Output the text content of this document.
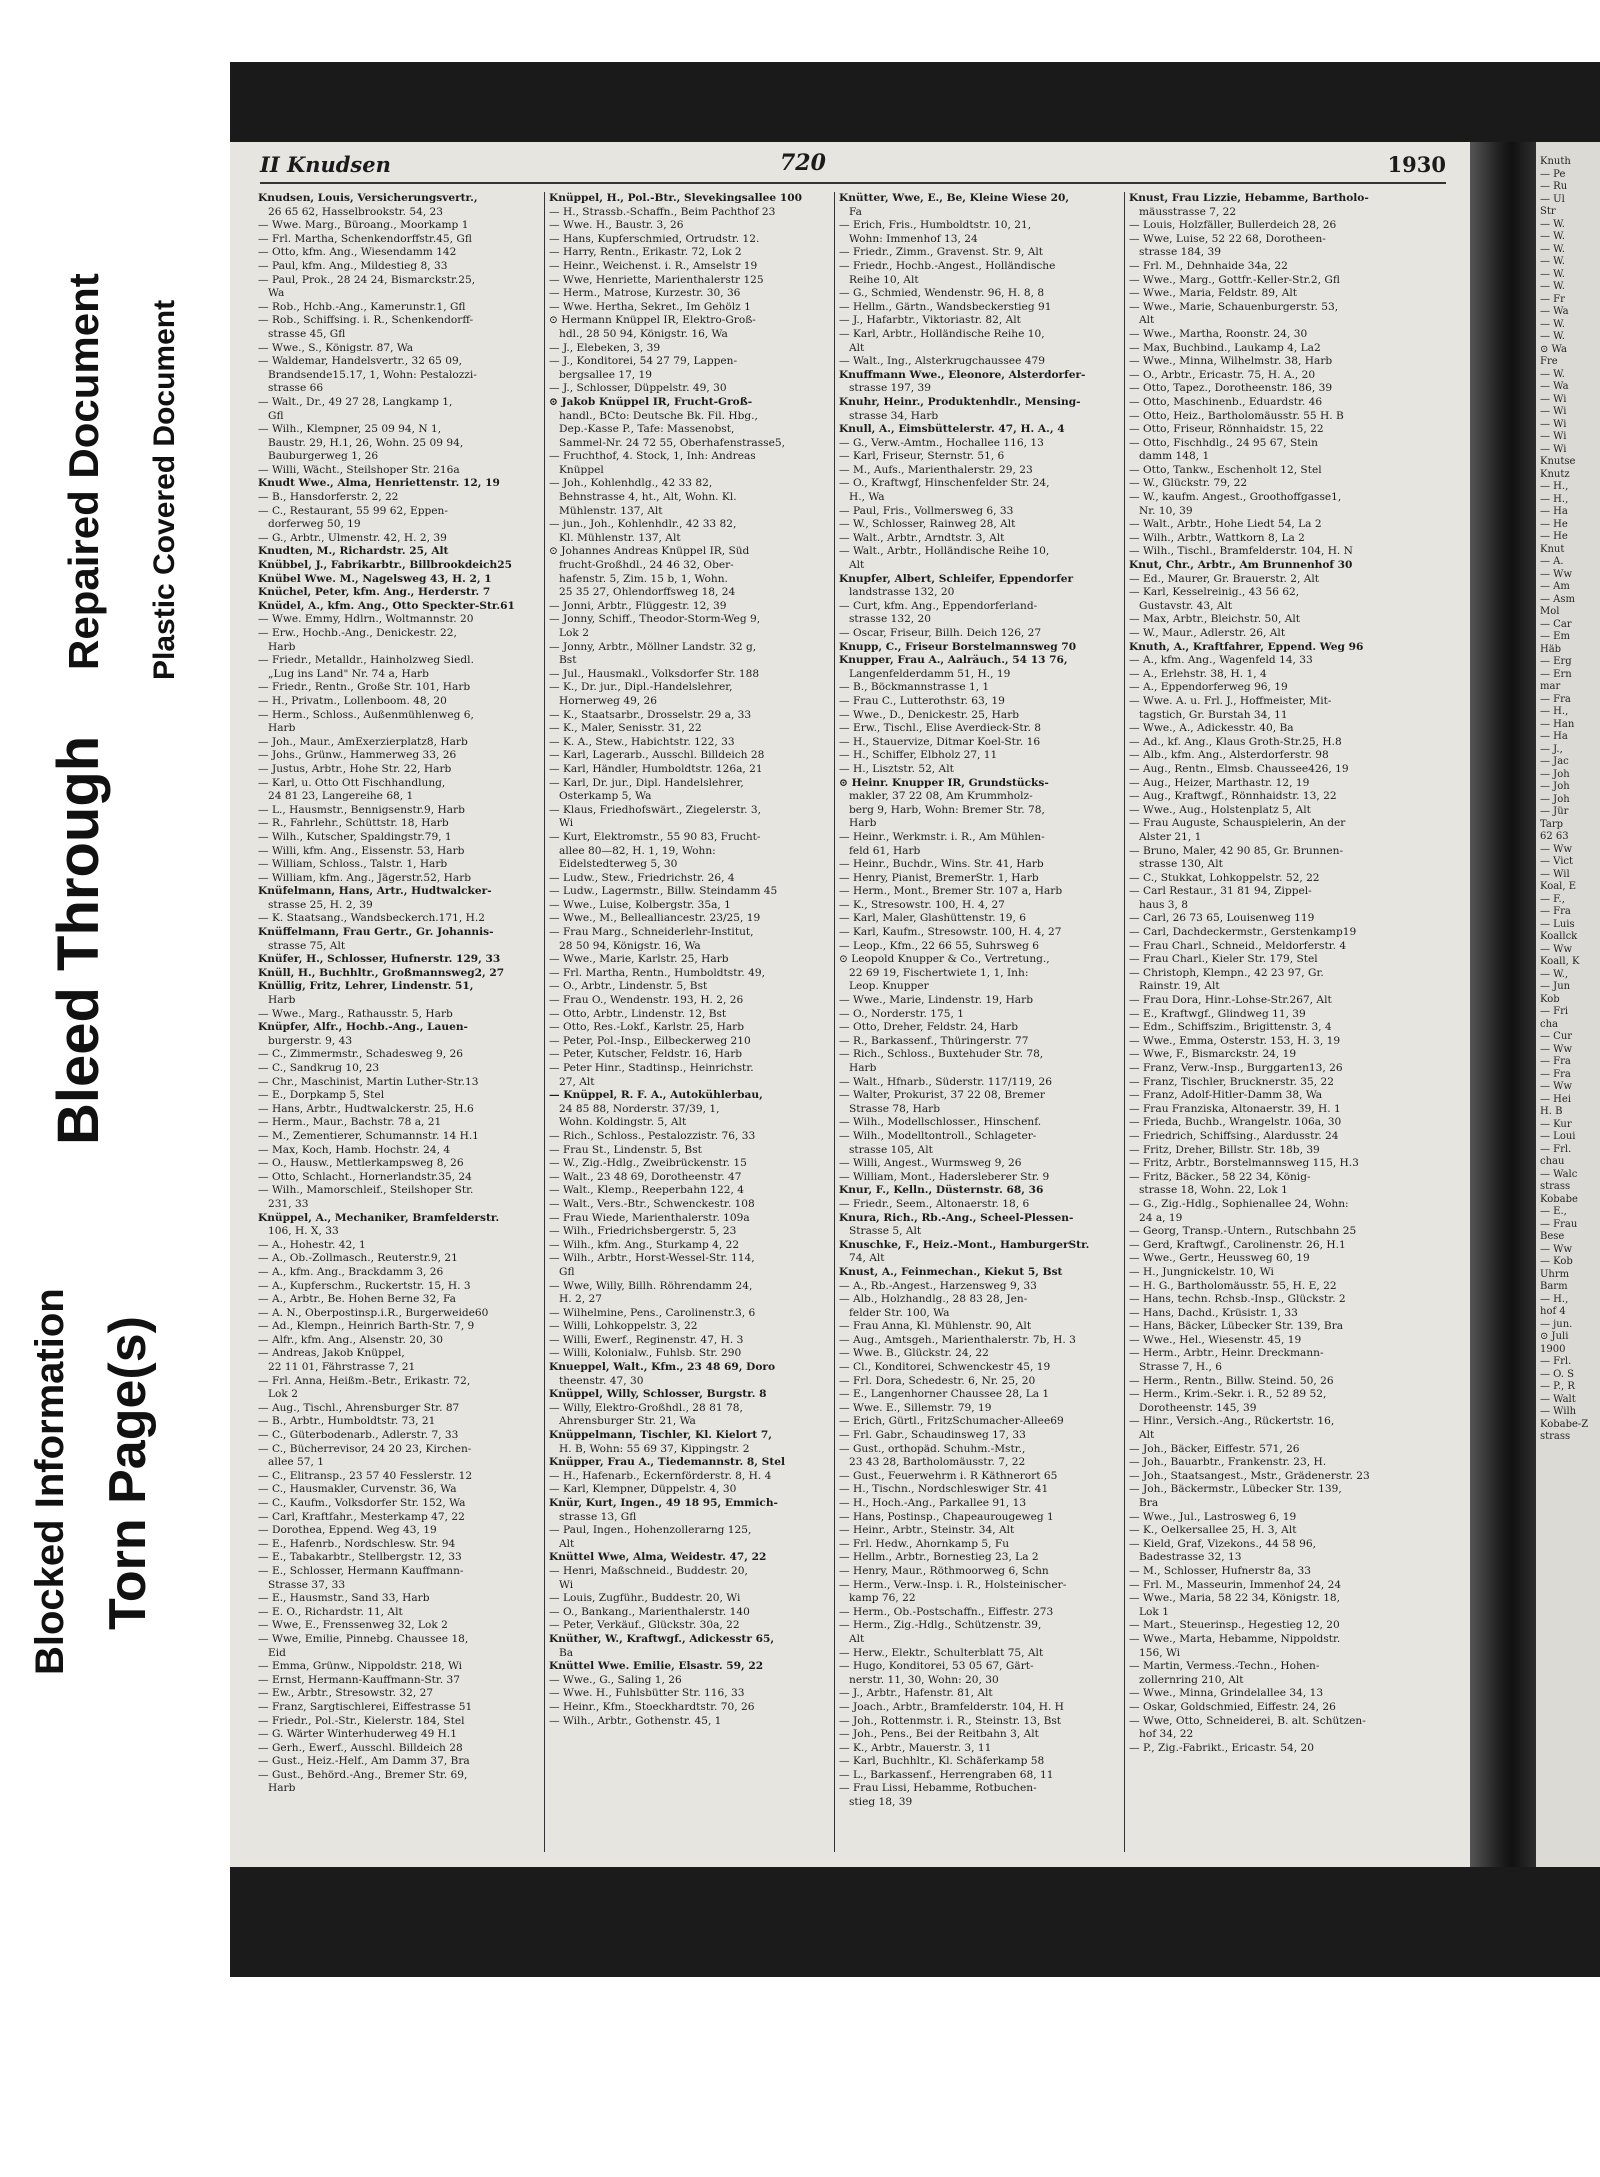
Blocked Information Torn Page(s)
Bleed Through
Repaired Document Plastic Covered Document
II Knudsen	720	1930
Knudsen, Louis, Versicherungsvertr.,
26 65 62, Hasselbrookstr. 54, 23
— Wwe. Marg., Büroang., Moorkamp 1
— Frl. Martha, Schenkendorffstr.45, Gfl
— Otto, kfm. Ang., Wiesendamm 142
— Paul, kfm. Ang., Mildestieg 8, 33
— Paul, Prok., 28 24 24, Bismarckstr.25,
Wa
— Rob., Hchb.-Ang., Kamerunstr.1, Gfl
— Rob., Schiffsing. i. R., Schenkendorff-
strasse 45, Gfl
— Wwe., S., Königstr. 87, Wa
— Waldemar, Handelsvertr., 32 65 09,
Brandsende15.17, 1, Wohn: Pestalozzi-
strasse 66
— Walt., Dr., 49 27 28, Langkamp 1,
Gfl
— Wilh., Klempner, 25 09 94, N 1,
Baustr. 29, H.1, 26, Wohn. 25 09 94,
Bauburgerweg 1, 26
— Willi, Wächt., Steilshoper Str. 216a
Knudt Wwe., Alma, Henriettenstr. 12, 19
— B., Hansdorferstr. 2, 22
— C., Restaurant, 55 99 62, Eppen-
dorferweg 50, 19
— G., Arbtr., Ulmenstr. 42, H. 2, 39
Knudten, M., Richardstr. 25, Alt
Knübbel, J., Fabrikarbtr., Billbrookdeich25
Knübel Wwe. M., Nagelsweg 43, H. 2, 1
Knüchel, Peter, kfm. Ang., Herderstr. 7
Knüdel, A., kfm. Ang., Otto Speckter-Str.61
— Wwe. Emmy, Hdlrn., Woltmannstr. 20
— Erw., Hochb.-Ang., Denickestr. 22,
Harb
— Friedr., Metalldr., Hainholzweg Siedl.
„Lug ins Land" Nr. 74 a, Harb
— Friedr., Rentn., Große Str. 101, Harb
— H., Privatm., Lollenboom. 48, 20
— Herm., Schloss., Außenmühlenweg 6,
Harb
— Joh., Maur., AmExerzierplatz8, Harb
— Johs., Grünw., Hammerweg 33, 26
— Justus, Arbtr., Hohe Str. 22, Harb
— Karl, u. Otto Ott Fischhandlung,
24 81 23, Langereihe 68, 1
— L., Hausmstr., Bennigsenstr.9, Harb
— R., Fahrlehr., Schüttstr. 18, Harb
— Wilh., Kutscher, Spaldingstr.79, 1
— Willi, kfm. Ang., Eissenstr. 53, Harb
— William, Schloss., Talstr. 1, Harb
— William, kfm. Ang., Jägerstr.52, Harb
Knüfelmann, Hans, Artr., Hudtwalcker-
strasse 25, H. 2, 39
— K. Staatsang., Wandsbeckerch.171, H.2
Knüffelmann, Frau Gertr., Gr. Johannis-
strasse 75, Alt
Knüfer, H., Schlosser, Hufnerstr. 129, 33
Knüll, H., Buchhltr., Großmannsweg2, 27
Knüllig, Fritz, Lehrer, Lindenstr. 51,
Harb
— Wwe., Marg., Rathausstr. 5, Harb
Knüpfer, Alfr., Hochb.-Ang., Lauen-
burgerstr. 9, 43
— C., Zimmermstr., Schadesweg 9, 26
— C., Sandkrug 10, 23
— Chr., Maschinist, Martin Luther-Str.13
— E., Dorpkamp 5, Stel
— Hans, Arbtr., Hudtwalckerstr. 25, H.6
— Herm., Maur., Bachstr. 78 a, 21
— M., Zementierer, Schumannstr. 14 H.1
— Max, Koch, Hamb. Hochstr. 24, 4
— O., Hausw., Mettlerkampsweg 8, 26
— Otto, Schlacht., Hornerlandstr.35, 24
— Wilh., Mamorschleif., Steilshoper Str.
231, 33
Knüppel, A., Mechaniker, Bramfelderstr.
106, H. X, 33
— A., Hohestr. 42, 1
— A., Ob.-Zollmasch., Reuterstr.9, 21
— A., kfm. Ang., Brackdamm 3, 26
— A., Kupferschm., Ruckertstr. 15, H. 3
— A., Arbtr., Be. Hohen Berne 32, Fa
— A. N., Oberpostinsp.i.R., Burgerweide60
— Ad., Klempn., Heinrich Barth-Str. 7, 9
— Alfr., kfm. Ang., Alsenstr. 20, 30
— Andreas, Jakob Knüppel,
22 11 01, Fährstrasse 7, 21
— Frl. Anna, Heißm.-Betr., Erikastr. 72,
Lok 2
— Aug., Tischl., Ahrensburger Str. 87
— B., Arbtr., Humboldtstr. 73, 21
— C., Güterbodenarb., Adlerstr. 7, 33
— C., Bücherrevisor, 24 20 23, Kirchen-
allee 57, 1
— C., Elitransp., 23 57 40 Fesslerstr. 12
— C., Hausmakler, Curvenstr. 36, Wa
— C., Kaufm., Volksdorfer Str. 152, Wa
— Carl, Kraftfahr., Mesterkamp 47, 22
— Dorothea, Eppend. Weg 43, 19
— E., Hafenrb., Nordschlesw. Str. 94
— E., Tabakarbtr., Stellbergstr. 12, 33
— E., Schlosser, Hermann Kauffmann-
Strasse 37, 33
— E., Hausmstr., Sand 33, Harb
— E. O., Richardstr. 11, Alt
— Wwe, E., Frenssenweg 32, Lok 2
— Wwe, Emilie, Pinnebg. Chaussee 18,
Eid
— Emma, Grünw., Nippoldstr. 218, Wi
— Ernst, Hermann-Kauffmann-Str. 37
— Ew., Arbtr., Stresowstr. 32, 27
— Franz, Sargtischlerei, Eiffestrasse 51
— Friedr., Pol.-Str., Kielerstr. 184, Stel
— G. Wärter Winterhuderweg 49 H.1
— Gerh., Ewerf., Ausschl. Billdeich 28
— Gust., Heiz.-Helf., Am Damm 37, Bra
— Gust., Behörd.-Ang., Bremer Str. 69,
Harb
Knüppel, H., Pol.-Btr., Slevekingsallee 100
— H., Strassb.-Schaffn., Beim Pachthof 23
— Wwe. H., Baustr. 3, 26
— Hans, Kupferschmied, Ortrudstr. 12.
— Harry, Rentn., Erikastr. 72, Lok 2
— Heinr., Weichenst. i. R., Amselstr 19
— Wwe, Henriette, Marienthalerstr 125
— Herm., Matrose, Kurzestr. 30, 36
— Wwe. Hertha, Sekret., Im Gehölz 1
⊙ Hermann Knüppel IR, Elektro-Groß-
hdl., 28 50 94, Königstr. 16, Wa
— J., Elebeken, 3, 39
— J., Konditorei, 54 27 79, Lappen-
bergsallee 17, 19
— J., Schlosser, Düppelstr. 49, 30
⊙ Jakob Knüppel IR, Frucht-Groß-
handl., BCto: Deutsche Bk. Fil. Hbg.,
Dep.-Kasse P., Tafe: Massenobst,
Sammel-Nr. 24 72 55, Oberhafenstrasse5,
— Fruchthof, 4. Stock, 1, Inh: Andreas
Knüppel
— Joh., Kohlenhdlg., 42 33 82,
Behnstrasse 4, ht., Alt, Wohn. Kl.
Mühlenstr. 137, Alt
— jun., Joh., Kohlenhdlr., 42 33 82,
Kl. Mühlenstr. 137, Alt
⊙ Johannes Andreas Knüppel IR, Süd
frucht-Großhdl., 24 46 32, Ober-
hafenstr. 5, Zim. 15 b, 1, Wohn.
25 35 27, Ohlendorffsweg 18, 24
— Jonni, Arbtr., Flüggestr. 12, 39
— Jonny, Schiff., Theodor-Storm-Weg 9,
Lok 2
— Jonny, Arbtr., Möllner Landstr. 32 g,
Bst
— Jul., Hausmakl., Volksdorfer Str. 188
— K., Dr. jur., Dipl.-Handelslehrer,
Hornerweg 49, 26
— K., Staatsarbr., Drosselstr. 29 a, 33
— K., Maler, Senisstr. 31, 22
— K. A., Stew., Habichtstr. 122, 33
— Karl, Lagerarb., Ausschl. Billdeich 28
— Karl, Händler, Humboldtstr. 126a, 21
— Karl, Dr. jur., Dipl. Handelslehrer,
Osterkamp 5, Wa
— Klaus, Friedhofswärt., Ziegelerstr. 3,
Wi
— Kurt, Elektromstr., 55 90 83, Frucht-
allee 80—82, H. 1, 19, Wohn:
Eidelstedterweg 5, 30
— Ludw., Stew., Friedrichstr. 26, 4
— Ludw., Lagermstr., Billw. Steindamm 45
— Wwe., Luise, Kolbergstr. 35a, 1
— Wwe., M., Bellealliancestr. 23/25, 19
— Frau Marg., Schneiderlehr-Institut,
28 50 94, Königstr. 16, Wa
— Wwe., Marie, Karlstr. 25, Harb
— Frl. Martha, Rentn., Humboldtstr. 49,
— O., Arbtr., Lindenstr. 5, Bst
— Frau O., Wendenstr. 193, H. 2, 26
— Otto, Arbtr., Lindenstr. 12, Bst
— Otto, Res.-Lokf., Karlstr. 25, Harb
— Peter, Pol.-Insp., Eilbeckerweg 210
— Peter, Kutscher, Feldstr. 16, Harb
— Peter Hinr., Stadtinsp., Heinrichstr.
27, Alt
— Knüppel, R. F. A., Autokühlerbau,
24 85 88, Norderstr. 37/39, 1,
Wohn. Koldingstr. 5, Alt
— Rich., Schloss., Pestalozzistr. 76, 33
— Frau St., Lindenstr. 5, Bst
— W., Zig.-Hdlg., Zweibrückenstr. 15
— Walt., 23 48 69, Dorotheenstr. 47
— Walt., Klemp., Reeperbahn 122, 4
— Walt., Vers.-Btr., Schwenckestr. 108
— Frau Wiede, Marienthalerstr. 109a
— Wilh., Friedrichsbergerstr. 5, 23
— Wilh., kfm. Ang., Sturkamp 4, 22
— Wilh., Arbtr., Horst-Wessel-Str. 114,
Gfl
— Wwe, Willy, Billh. Röhrendamm 24,
H. 2, 27
— Wilhelmine, Pens., Carolinenstr.3, 6
— Willi, Lohkoppelstr. 3, 22
— Willi, Ewerf., Reginenstr. 47, H. 3
— Willi, Kolonialw., Fuhlsb. Str. 290
Knueppel, Walt., Kfm., 23 48 69, Doro
theenstr. 47, 30
Knüppel, Willy, Schlosser, Burgstr. 8
— Willy, Elektro-Großhdl., 28 81 78,
Ahrensburger Str. 21, Wa
Knüppelmann, Tischler, Kl. Kielort 7,
H. B, Wohn: 55 69 37, Kippingstr. 2
Knüpper, Frau A., Tiedemannstr. 8, Stel
— H., Hafenarb., Eckernförderstr. 8, H. 4
— Karl, Klempner, Düppelstr. 4, 30
Knür, Kurt, Ingen., 49 18 95, Emmich-
strasse 13, Gfl
— Paul, Ingen., Hohenzollerarng 125,
Alt
Knüttel Wwe, Alma, Weidestr. 47, 22
— Henri, Maßschneid., Buddestr. 20,
Wi
— Louis, Zugführ., Buddestr. 20, Wi
— O., Bankang., Marienthalerstr. 140
— Peter, Verkäuf., Glückstr. 30a, 22
Knüther, W., Kraftwgf., Adickesstr 65,
Ba
Knüttel Wwe. Emilie, Elsastr. 59, 22
— Wwe., G., Saling 1, 26
— Wwe. H., Fuhlsbütter Str. 116, 33
— Heinr., Kfm., Stoeckhardtstr. 70, 26
— Wilh., Arbtr., Gothenstr. 45, 1
Knütter, Wwe, E., Be, Kleine Wiese 20,
Fa
— Erich, Fris., Humboldtstr. 10, 21,
Wohn: Immenhof 13, 24
— Friedr., Zimm., Gravenst. Str. 9, Alt
— Friedr., Hochb.-Angest., Holländische
Reihe 10, Alt
— G., Schmied, Wendenstr. 96, H. 8, 8
— Hellm., Gärtn., Wandsbeckerstieg 91
— J., Hafarbtr., Viktoriastr. 82, Alt
— Karl, Arbtr., Holländische Reihe 10,
Alt
— Walt., Ing., Alsterkrugchaussee 479
Knuffmann Wwe., Eleonore, Alsterdorfer-
strasse 197, 39
Knuhr, Heinr., Produktenhdlr., Mensing-
strasse 34, Harb
Knull, A., Eimsbüttelerstr. 47, H. A., 4
— G., Verw.-Amtm., Hochallee 116, 13
— Karl, Friseur, Sternstr. 51, 6
— M., Aufs., Marienthalerstr. 29, 23
— O., Kraftwgf, Hinschenfelder Str. 24,
H., Wa
— Paul, Fris., Vollmersweg 6, 33
— W., Schlosser, Rainweg 28, Alt
— Walt., Arbtr., Arndtstr. 3, Alt
— Walt., Arbtr., Holländische Reihe 10,
Alt
Knupfer, Albert, Schleifer, Eppendorfer
landstrasse 132, 20
— Curt, kfm. Ang., Eppendorferland-
strasse 132, 20
— Oscar, Friseur, Billh. Deich 126, 27
Knupp, C., Friseur Borstelmannsweg 70
Knupper, Frau A., Aalräuch., 54 13 76,
Langenfelderdamm 51, H., 19
— B., Böckmannstrasse 1, 1
— Frau C., Lutterothstr. 63, 19
— Wwe., D., Denickestr. 25, Harb
— Erw., Tischl., Elise Averdieck-Str. 8
— H., Stauervize, Ditmar Koel-Str. 16
— H., Schiffer, Elbholz 27, 11
— H., Lisztstr. 52, Alt
⊙ Heinr. Knupper IR, Grundstücks-
makler, 37 22 08, Am Krummholz-
berg 9, Harb, Wohn: Bremer Str. 78,
Harb
— Heinr., Werkmstr. i. R., Am Mühlen-
feld 61, Harb
— Heinr., Buchdr., Wins. Str. 41, Harb
— Henry, Pianist, BremerStr. 1, Harb
— Herm., Mont., Bremer Str. 107 a, Harb
— K., Stresowstr. 100, H. 4, 27
— Karl, Maler, Glashüttenstr. 19, 6
— Karl, Kaufm., Stresowstr. 100, H. 4, 27
— Leop., Kfm., 22 66 55, Suhrsweg 6
⊙ Leopold Knupper & Co., Vertretung.,
22 69 19, Fischertwiete 1, 1, Inh:
Leop. Knupper
— Wwe., Marie, Lindenstr. 19, Harb
— O., Norderstr. 175, 1
— Otto, Dreher, Feldstr. 24, Harb
— R., Barkassenf., Thüringerstr. 77
— Rich., Schloss., Buxtehuder Str. 78,
Harb
— Walt., Hfnarb., Süderstr. 117/119, 26
— Walter, Prokurist, 37 22 08, Bremer
Strasse 78, Harb
— Wilh., Modellschlosser., Hinschenf.
— Wilh., Modelltontroll., Schlageter-
strasse 105, Alt
— Willi, Angest., Wurmsweg 9, 26
— William, Mont., Hadersleberer Str. 9
Knur, F., Kelln., Düsternstr. 68, 36
— Friedr., Seem., Altonaerstr. 18, 6
Knura, Rich., Rb.-Ang., Scheel-Plessen-
Strasse 5, Alt
Knuschke, F., Heiz.-Mont., HamburgerStr.
74, Alt
Knust, A., Feinmechan., Kiekut 5, Bst
— A., Rb.-Angest., Harzensweg 9, 33
— Alb., Holzhandlg., 28 83 28, Jen-
felder Str. 100, Wa
— Frau Anna, Kl. Mühlenstr. 90, Alt
— Aug., Amtsgeh., Marienthalerstr. 7b, H. 3
— Wwe. B., Glückstr. 24, 22
— Cl., Konditorei, Schwenckestr 45, 19
— Frl. Dora, Schedestr. 6, Nr. 25, 20
— E., Langenhorner Chaussee 28, La 1
— Wwe. E., Sillemstr. 79, 19
— Erich, Gürtl., FritzSchumacher-Allee69
— Frl. Gabr., Schaudinsweg 17, 33
— Gust., orthopäd. Schuhm.-Mstr.,
23 43 28, Bartholomäusstr. 7, 22
— Gust., Feuerwehrm i. R Käthnerort 65
— H., Tischn., Nordschleswiger Str. 41
— H., Hoch.-Ang., Parkallee 91, 13
— Hans, Postinsp., Chapeaurougeweg 1
— Heinr., Arbtr., Steinstr. 34, Alt
— Frl. Hedw., Ahornkamp 5, Fu
— Hellm., Arbtr., Bornestieg 23, La 2
— Henry, Maur., Röthmoorweg 6, Schn
— Herm., Verw.-Insp. i. R., Holsteinischer-
kamp 76, 22
— Herm., Ob.-Postschaffn., Eiffestr. 273
— Herm., Zig.-Hdlg., Schützenstr. 39,
Alt
— Herw., Elektr., Schulterblatt 75, Alt
— Hugo, Konditorei, 53 05 67, Gärt-
nerstr. 11, 30, Wohn: 20, 30
— J., Arbtr., Hafenstr. 81, Alt
— Joach., Arbtr., Bramfelderstr. 104, H. H
— Joh., Rottenmstr. i. R., Steinstr. 13, Bst
— Joh., Pens., Bei der Reitbahn 3, Alt
— K., Arbtr., Mauerstr. 3, 11
— Karl, Buchhltr., Kl. Schäferkamp 58
— L., Barkassenf., Herrengraben 68, 11
— Frau Lissi, Hebamme, Rotbuchen-
stieg 18, 39
Knust, Frau Lizzie, Hebamme, Bartholo-
mäusstrasse 7, 22
— Louis, Holzfäller, Bullerdeich 28, 26
— Wwe, Luise, 52 22 68, Dorotheen-
strasse 184, 39
— Frl. M., Dehnhaide 34a, 22
— Wwe., Marg., Gottfr.-Keller-Str.2, Gfl
— Wwe., Maria, Feldstr. 89, Alt
— Wwe., Marie, Schauenburgerstr. 53,
Alt
— Wwe., Martha, Roonstr. 24, 30
— Max, Buchbind., Laukamp 4, La2
— Wwe., Minna, Wilhelmstr. 38, Harb
— O., Arbtr., Ericastr. 75, H. A., 20
— Otto, Tapez., Dorotheenstr. 186, 39
— Otto, Maschinenb., Eduardstr. 46
— Otto, Heiz., Bartholomäusstr. 55 H. B
— Otto, Friseur, Rönnhaidstr. 15, 22
— Otto, Fischhdlg., 24 95 67, Stein
damm 148, 1
— Otto, Tankw., Eschenholt 12, Stel
— W., Glückstr. 79, 22
— W., kaufm. Angest., Groothoffgasse1,
Nr. 10, 39
— Walt., Arbtr., Hohe Liedt 54, La 2
— Wilh., Arbtr., Wattkorn 8, La 2
— Wilh., Tischl., Bramfelderstr. 104, H. N
Knut, Chr., Arbtr., Am Brunnenhof 30
— Ed., Maurer, Gr. Brauerstr. 2, Alt
— Karl, Kesselreinig., 43 56 62,
Gustavstr. 43, Alt
— Max, Arbtr., Bleichstr. 50, Alt
— W., Maur., Adlerstr. 26, Alt
Knuth, A., Kraftfahrer, Eppend. Weg 96
— A., kfm. Ang., Wagenfeld 14, 33
— A., Erlehstr. 38, H. 1, 4
— A., Eppendorferweg 96, 19
— Wwe. A. u. Frl. J., Hoffmeister, Mit-
tagstich, Gr. Burstah 34, 11
— Wwe., A., Adickesstr. 40, Ba
— Ad., kf. Ang., Klaus Groth-Str.25, H.8
— Alb., kfm. Ang., Alsterdorferstr. 98
— Aug., Rentn., Elmsb. Chaussee426, 19
— Aug., Heizer, Marthastr. 12, 19
— Aug., Kraftwgf., Rönnhaidstr. 13, 22
— Wwe., Aug., Holstenplatz 5, Alt
— Frau Auguste, Schauspielerin, An der
Alster 21, 1
— Bruno, Maler, 42 90 85, Gr. Brunnen-
strasse 130, Alt
— C., Stukkat, Lohkoppelstr. 52, 22
— Carl Restaur., 31 81 94, Zippel-
haus 3, 8
— Carl, 26 73 65, Louisenweg 119
— Carl, Dachdeckermstr., Gerstenkamp19
— Frau Charl., Schneid., Meldorferstr. 4
— Frau Charl., Kieler Str. 179, Stel
— Christoph, Klempn., 42 23 97, Gr.
Rainstr. 19, Alt
— Frau Dora, Hinr.-Lohse-Str.267, Alt
— E., Kraftwgf., Glindweg 11, 39
— Edm., Schiffszim., Brigittenstr. 3, 4
— Wwe., Emma, Osterstr. 153, H. 3, 19
— Wwe, F., Bismarckstr. 24, 19
— Franz, Verw.-Insp., Burggarten13, 26
— Franz, Tischler, Brucknerstr. 35, 22
— Franz, Adolf-Hitler-Damm 38, Wa
— Frau Franziska, Altonaerstr. 39, H. 1
— Frieda, Buchb., Wrangelstr. 106a, 30
— Friedrich, Schiffsing., Alardusstr. 24
— Fritz, Dreher, Billstr. Str. 18b, 39
— Fritz, Arbtr., Borstelmannsweg 115, H.3
— Fritz, Bäcker., 58 22 34, König-
strasse 18, Wohn. 22, Lok 1
— G., Zig.-Hdlg., Sophienallee 24, Wohn:
24 a, 19
— Georg, Transp.-Untern., Rutschbahn 25
— Gerd, Kraftwgf., Carolinenstr. 26, H.1
— Wwe., Gertr., Heussweg 60, 19
— H., Jungnickelstr. 10, Wi
— H. G., Bartholomäusstr. 55, H. E, 22
— Hans, techn. Rchsb.-Insp., Glückstr. 2
— Hans, Dachd., Krüsistr. 1, 33
— Hans, Bäcker, Lübecker Str. 139, Bra
— Wwe., Hel., Wiesenstr. 45, 19
— Herm., Arbtr., Heinr. Dreckmann-
Strasse 7, H., 6
— Herm., Rentn., Billw. Steind. 50, 26
— Herm., Krim.-Sekr. i. R., 52 89 52,
Dorotheenstr. 145, 39
— Hinr., Versich.-Ang., Rückertstr. 16,
Alt
— Joh., Bäcker, Eiffestr. 571, 26
— Joh., Bauarbtr., Frankenstr. 23, H.
— Joh., Staatsangest., Mstr., Grädenerstr. 23
— Joh., Bäckermstr., Lübecker Str. 139,
Bra
— Wwe., Jul., Lastrosweg 6, 19
— K., Oelkersallee 25, H. 3, Alt
— Kield, Graf, Vizekons., 44 58 96,
Badestrasse 32, 13
— M., Schlosser, Hufnerstr 8a, 33
— Frl. M., Masseurin, Immenhof 24, 24
— Wwe., Maria, 58 22 34, Königstr. 18,
Lok 1
— Mart., Steuerinsp., Hegestieg 12, 20
— Wwe., Marta, Hebamme, Nippoldstr.
156, Wi
— Martin, Vermess.-Techn., Hohen-
zollernring 210, Alt
— Wwe., Minna, Grindelallee 34, 13
— Oskar, Goldschmied, Eiffestr. 24, 26
— Wwe, Otto, Schneiderei, B. alt. Schützen-
hof 34, 22
— P., Zig.-Fabrikt., Ericastr. 54, 20
Knuth
— Pe
— Ru
— Ul
Str
— W.
— W.
— W.
— W.
— W.
— W.
— Fr
— Wa
— W.
— W.
⊙ Wa
Fre
— W.
— Wa
— Wi
— Wi
— Wi
— Wi
— Wi
Knutse
Knutz
— H.,
— H.,
— Ha
— He
— He
Knut
— A.
— Ww
— Am
— Asm
Mol
— Car
— Em
Häb
— Erg
— Ern
mar
— Fra
— H.,
— Han
— Ha
— J.,
— Jac
— Joh
— Joh
— Joh
— Jür
Tarp
62 63
— Ww
— Vict
— Wil
Koal, E
— F.,
— Fra
— Luis
Koallck
— Ww
Koall, K
— W.,
— Jun
Kob
— Fri
cha
— Cur
— Ww
— Fra
— Fra
— Ww
— Hei
H. B
— Kur
— Loui
— Frl.
chau
— Walc
strass
Kobabe
— E.,
— Frau
Bese
— Ww
— Kob
Uhrm
Barm
— H.,
hof 4
— jun.
⊙ Juli
1900
— Frl.
— O. S
— P., R
— Walt
— Wilh
Kobabe-Z
strass
